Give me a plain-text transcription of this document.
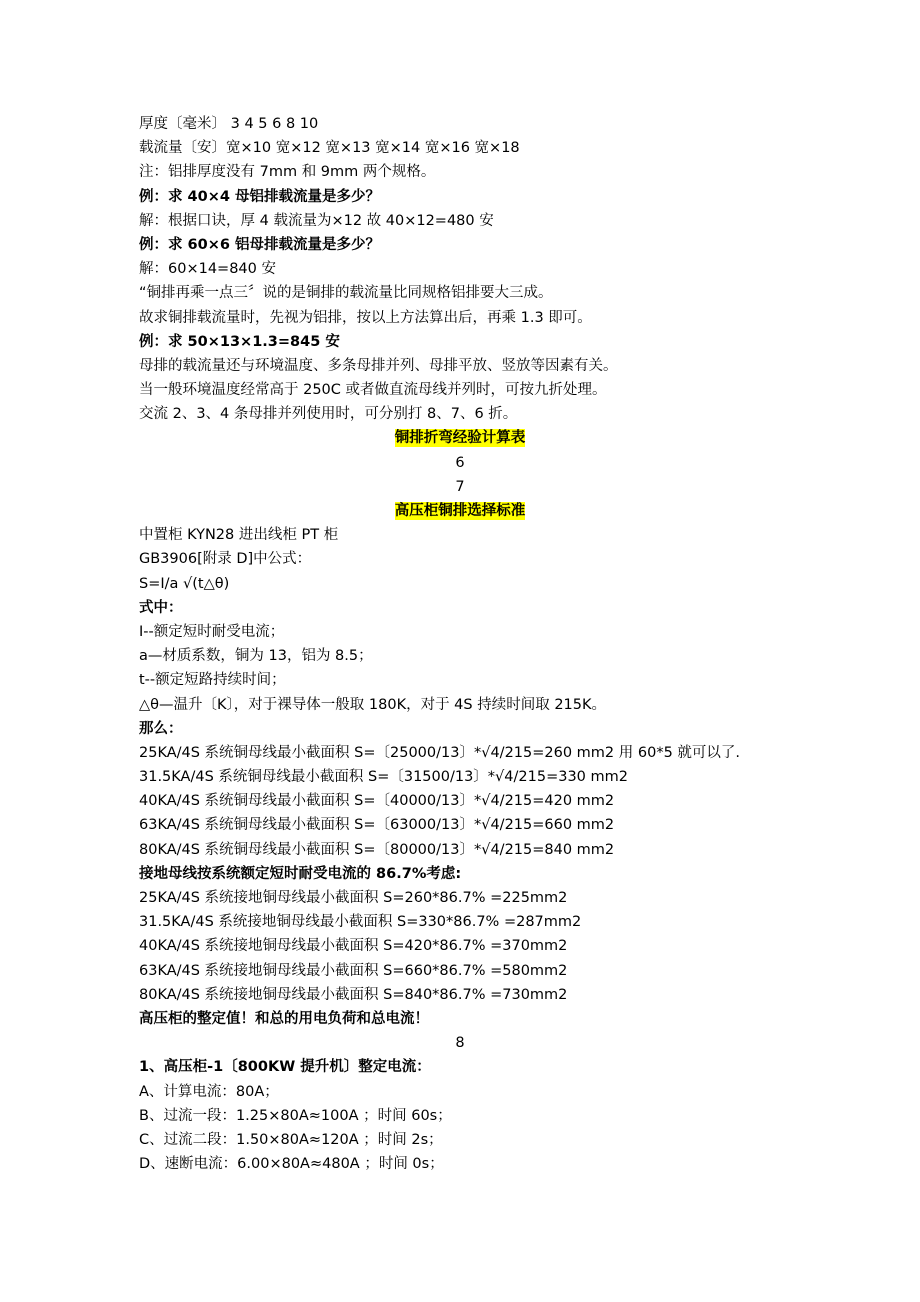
厚度〔毫米〕 3 4 5 6 8 10
载流量〔安〕宽×10 宽×12 宽×13 宽×14 宽×16 宽×18
注：铝排厚度没有 7mm 和 9mm 两个规格。
例：求 40×4 母铝排载流量是多少？
解：根据口诀，厚 4 载流量为×12 故 40×12=480 安
例：求 60×6 铝母排载流量是多少？
解：60×14=840 安
“铜排再乘一点三〞说的是铜排的载流量比同规格铝排要大三成。
故求铜排载流量时，先视为铝排，按以上方法算出后，再乘 1.3 即可。
例：求 50×13×1.3=845 安
母排的载流量还与环境温度、多条母排并列、母排平放、竖放等因素有关。
当一般环境温度经常高于 250C 或者做直流母线并列时，可按九折处理。
交流 2、3、4 条母排并列使用时，可分别打 8、7、6 折。
铜排折弯经验计算表
6
7
高压柜铜排选择标准
中置柜 KYN28 进出线柜 PT 柜
GB3906[附录 D]中公式：
S=I/a √(t△θ)
式中：
I--额定短时耐受电流；
a—材质系数，铜为 13，铝为 8.5；
t--额定短路持续时间；
△θ—温升〔K〕，对于裸导体一般取 180K，对于 4S 持续时间取 215K。
那么：
25KA/4S 系统铜母线最小截面积 S=〔25000/13〕*√4/215=260 mm2 用 60*5 就可以了.
31.5KA/4S 系统铜母线最小截面积 S=〔31500/13〕*√4/215=330 mm2
40KA/4S 系统铜母线最小截面积 S=〔40000/13〕*√4/215=420 mm2
63KA/4S 系统铜母线最小截面积 S=〔63000/13〕*√4/215=660 mm2
80KA/4S 系统铜母线最小截面积 S=〔80000/13〕*√4/215=840 mm2
接地母线按系统额定短时耐受电流的 86.7%考虑:
25KA/4S 系统接地铜母线最小截面积 S=260*86.7% =225mm2
31.5KA/4S 系统接地铜母线最小截面积 S=330*86.7% =287mm2
40KA/4S 系统接地铜母线最小截面积 S=420*86.7% =370mm2
63KA/4S 系统接地铜母线最小截面积 S=660*86.7% =580mm2
80KA/4S 系统接地铜母线最小截面积 S=840*86.7% =730mm2
高压柜的整定值！和总的用电负荷和总电流！
8
1、高压柜-1〔800KW 提升机〕整定电流：
A、计算电流：80A；
B、过流一段：1.25×80A≈100A ；时间 60s；
C、过流二段：1.50×80A≈120A ；时间 2s；
D、速断电流：6.00×80A≈480A ；时间 0s；
